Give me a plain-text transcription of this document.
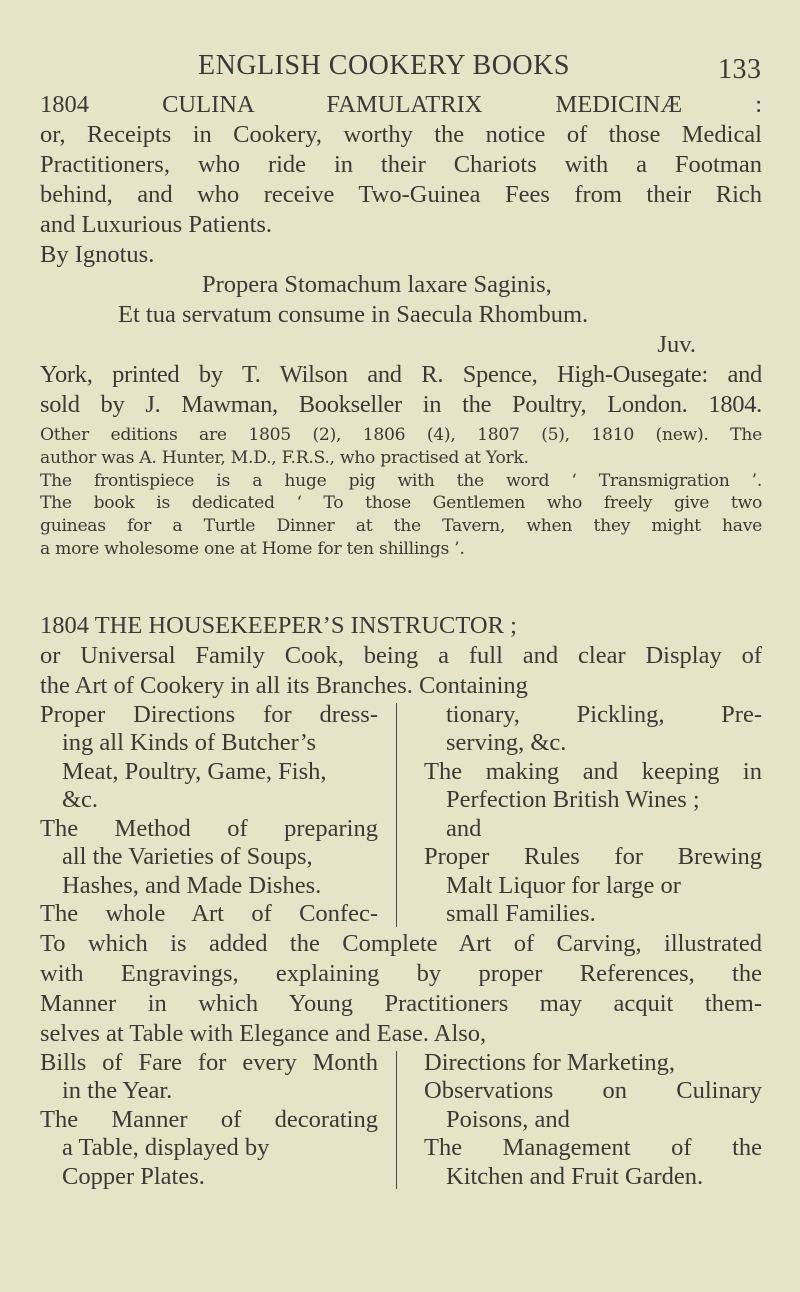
ENGLISH COOKERY BOOKS	133

1804	CULINA FAMULATRIX MEDICINÆ :

or, Receipts in Cookery, worthy the notice of those Medical

Practitioners, who ride in their Chariots with a Footman

behind, and who receive Two-Guinea Fees from their Rich

and Luxurious Patients.

By Ignotus.

Propera Stomachum laxare Saginis,

Et tua servatum consume in Saecula Rhombum.

Juv.

York, printed by T. Wilson and R. Spence, High-Ousegate: and

sold by J. Mawman, Bookseller in the Poultry, London. 1804.

Other editions are 1805 (2), 1806 (4), 1807 (5), 1810 (new). The
author was A. Hunter, M.D., F.R.S., who practised at York.
The frontispiece is a huge pig with the word ‘ Transmigration ’.
The book is dedicated ‘ To those Gentlemen who freely give two
guineas for a Turtle Dinner at the Tavern, when they might have
a more wholesome one at Home for ten shillings ’.

1804 THE HOUSEKEEPER’S INSTRUCTOR ;

or Universal Family Cook, being a full and clear Display of

the Art of Cookery in all its Branches. Containing

Proper Directions for dress-
ing all Kinds of Butcher’s
Meat, Poultry, Game, Fish,
&c.
The Method of preparing
all the Varieties of Soups,
Hashes, and Made Dishes.
The whole Art of Confec-
tionary, Pickling, Pre-
serving, &c.
The making and keeping in
Perfection British Wines ;
and
Proper Rules for Brewing
Malt Liquor for large or
small Families.

To which is added the Complete Art of Carving, illustrated

with Engravings, explaining by proper References, the

Manner in which Young Practitioners may acquit them-

selves at Table with Elegance and Ease. Also,

Bills of Fare for every Month
in the Year.
The Manner of decorating
a Table, displayed by
Copper Plates.
Directions for Marketing,
Observations on Culinary
Poisons, and
The Management of the
Kitchen and Fruit Garden.
